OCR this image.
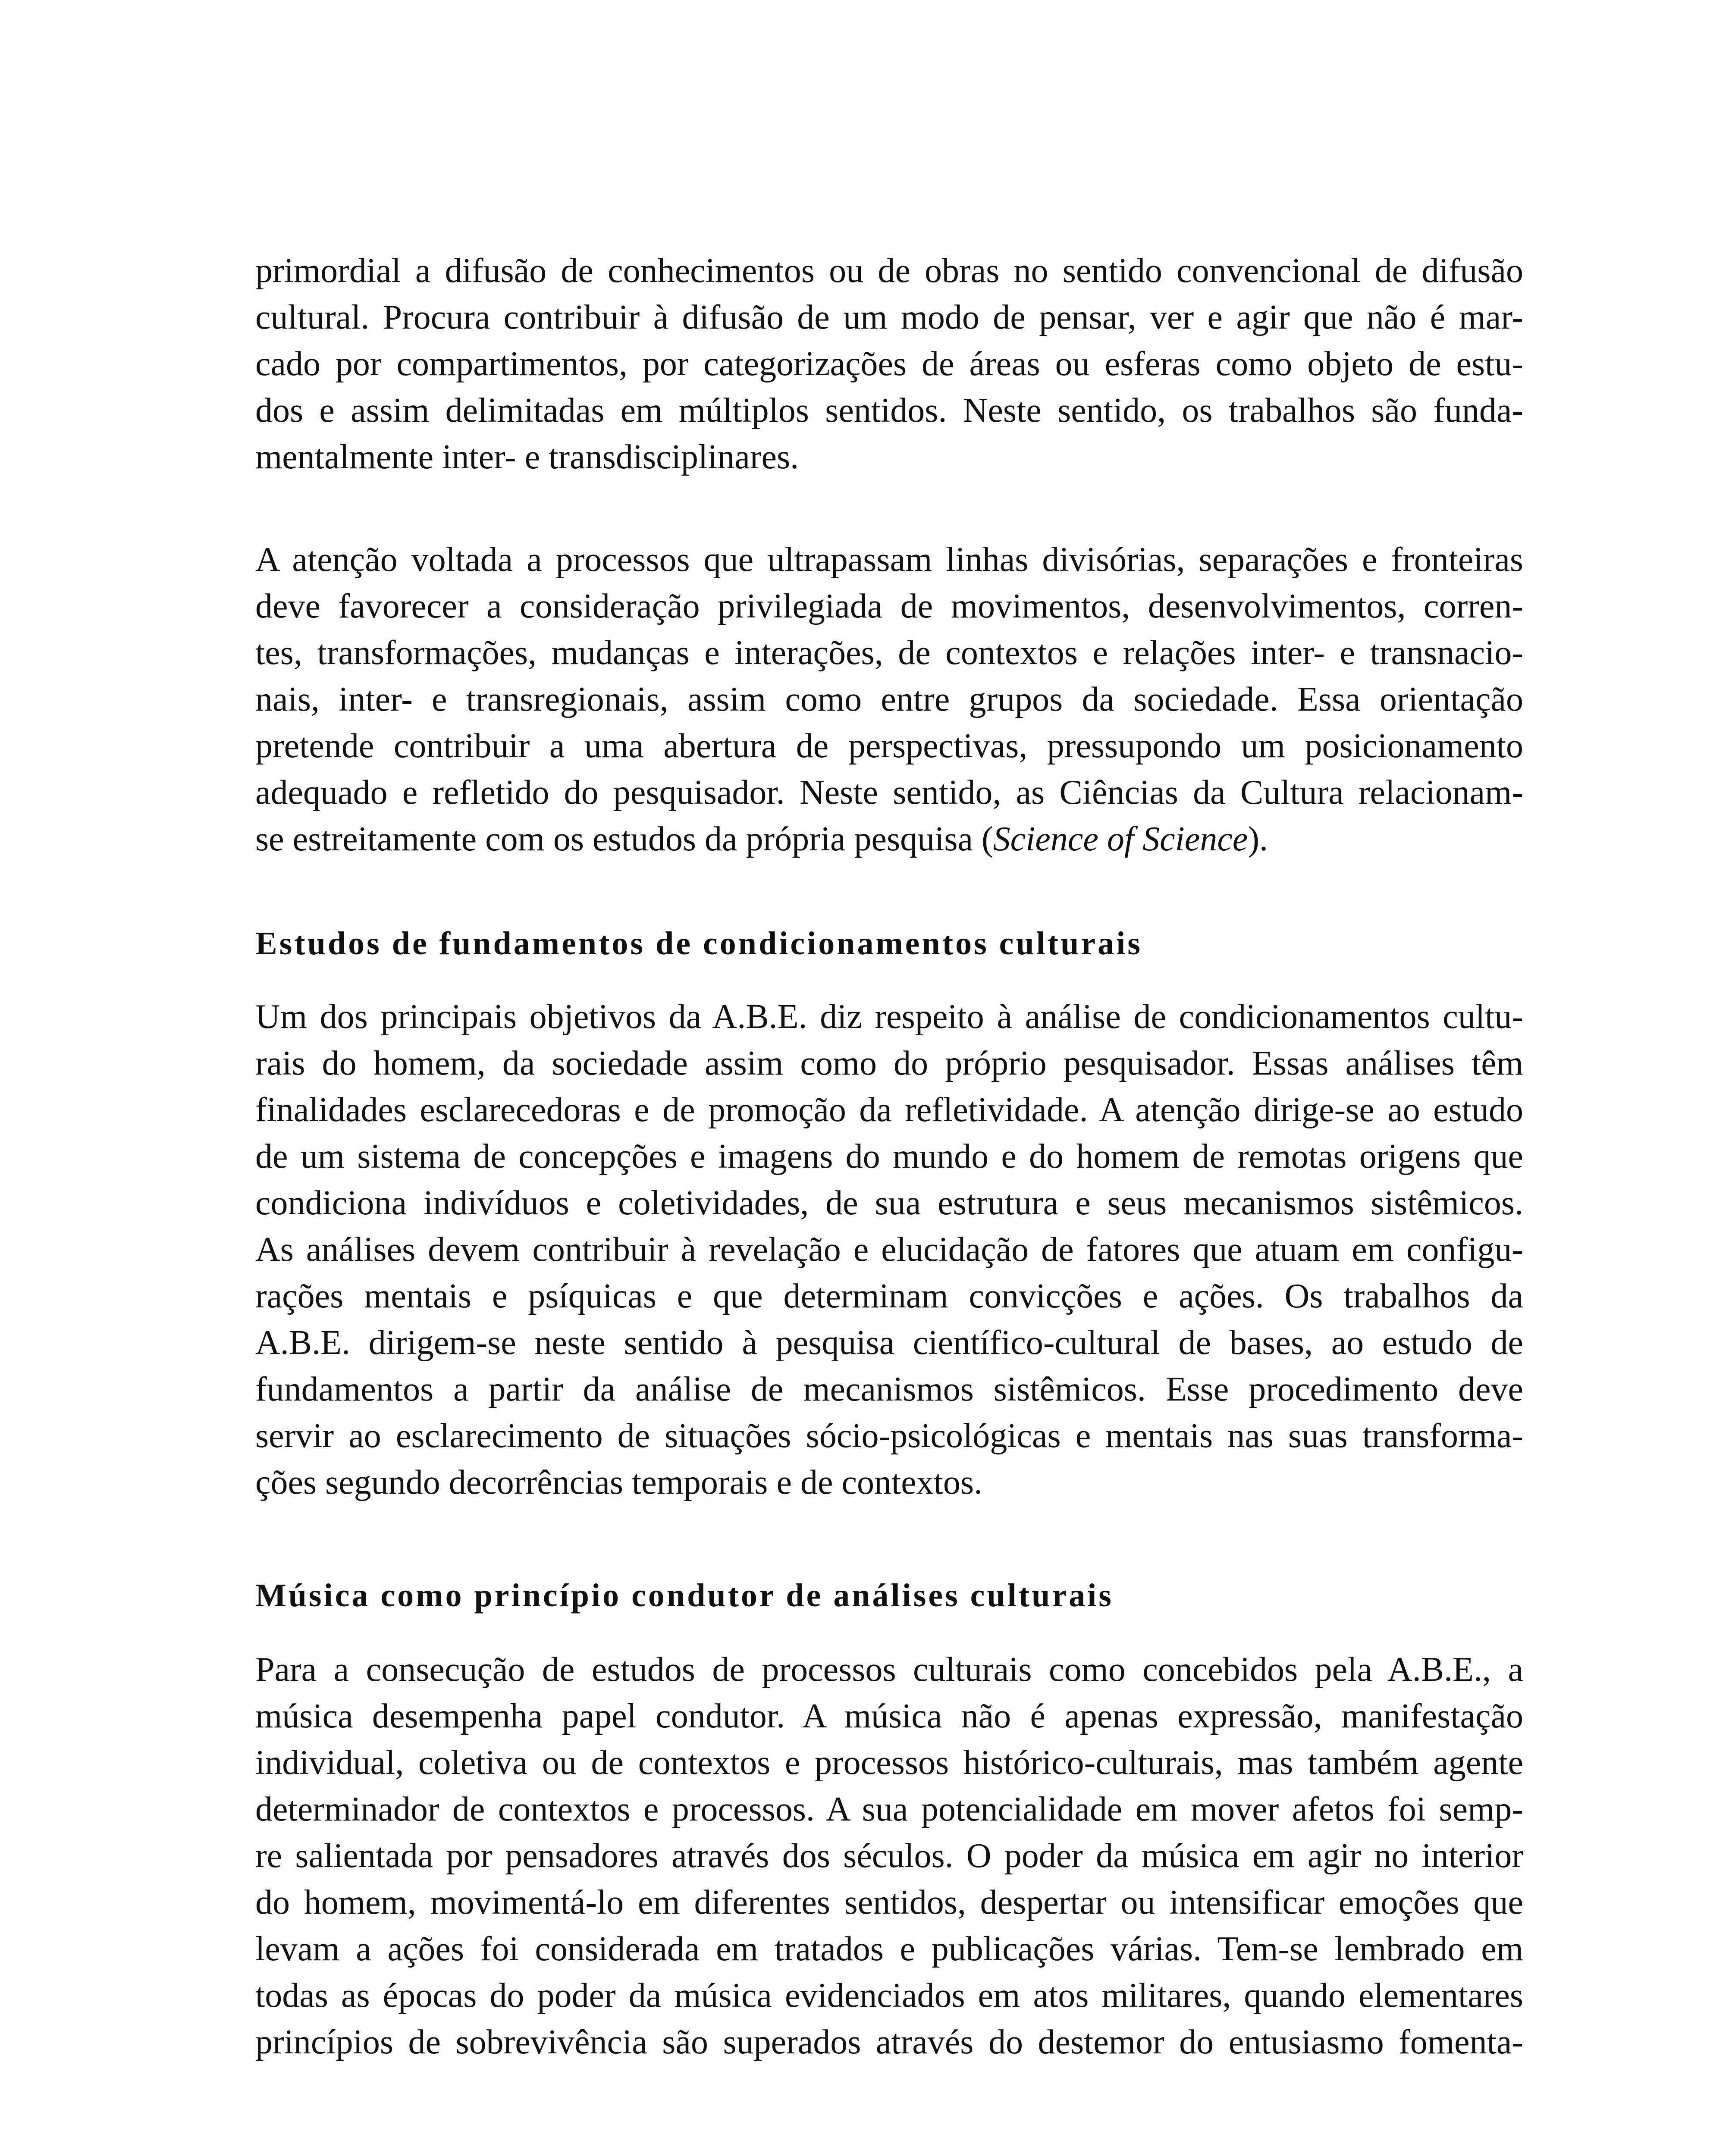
primordial a difusão de conhecimentos ou de obras no sentido convencional de difusão
cultural. Procura contribuir à difusão de um modo de pensar, ver e agir que não é mar-
cado por compartimentos, por categorizações de áreas ou esferas como objeto de estu-
dos e assim delimitadas em múltiplos sentidos. Neste sentido, os trabalhos são funda-
mentalmente inter- e transdisciplinares.
A atenção voltada a processos que ultrapassam linhas divisórias, separações e fronteiras
deve favorecer a consideração privilegiada de movimentos, desenvolvimentos, corren-
tes, transformações, mudanças e interações, de contextos e relações inter- e transnacio-
nais, inter- e transregionais, assim como entre grupos da sociedade. Essa orientação
pretende contribuir a uma abertura de perspectivas, pressupondo um posicionamento
adequado e refletido do pesquisador. Neste sentido, as Ciências da Cultura relacionam-
se estreitamente com os estudos da própria pesquisa (Science of Science).
Estudos de fundamentos de condicionamentos culturais
Um dos principais objetivos da A.B.E. diz respeito à análise de condicionamentos cultu-
rais do homem, da sociedade assim como do próprio pesquisador. Essas análises têm
finalidades esclarecedoras e de promoção da refletividade. A atenção dirige-se ao estudo
de um sistema de concepções e imagens do mundo e do homem de remotas origens que
condiciona indivíduos e coletividades, de sua estrutura e seus mecanismos sistêmicos.
As análises devem contribuir à revelação e elucidação de fatores que atuam em configu-
rações mentais e psíquicas e que determinam convicções e ações. Os trabalhos da
A.B.E. dirigem-se neste sentido à pesquisa científico-cultural de bases, ao estudo de
fundamentos a partir da análise de mecanismos sistêmicos. Esse procedimento deve
servir ao esclarecimento de situações sócio-psicológicas e mentais nas suas transforma-
ções segundo decorrências temporais e de contextos.
Música como princípio condutor de análises culturais
Para a consecução de estudos de processos culturais como concebidos pela A.B.E., a
música desempenha papel condutor. A música não é apenas expressão, manifestação
individual, coletiva ou de contextos e processos histórico-culturais, mas também agente
determinador de contextos e processos. A sua potencialidade em mover afetos foi semp-
re salientada por pensadores através dos séculos. O poder da música em agir no interior
do homem, movimentá-lo em diferentes sentidos, despertar ou intensificar emoções que
levam a ações foi considerada em tratados e publicações várias. Tem-se lembrado em
todas as épocas do poder da música evidenciados em atos militares, quando elementares
princípios de sobrevivência são superados através do destemor do entusiasmo fomenta-
